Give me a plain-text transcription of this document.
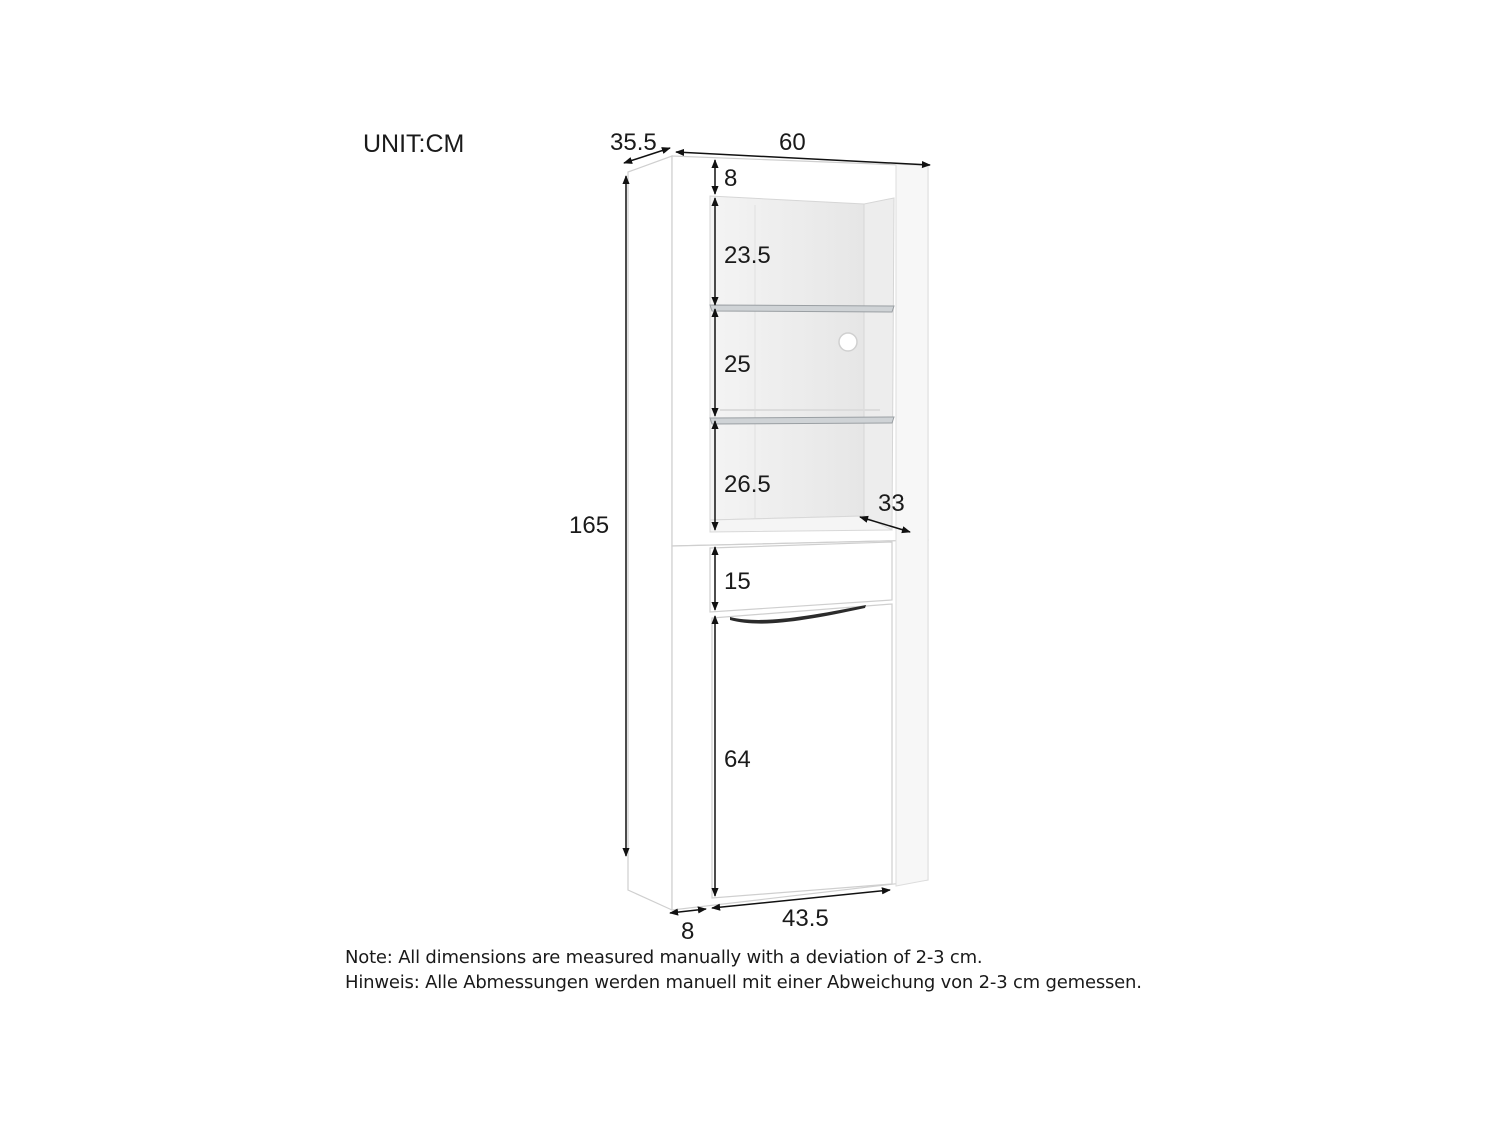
UNIT:CM	35.5	60
165
8
23.5
25
26.5
33
15
64
8	43.5
Note: All dimensions are measured manually with a deviation of 2-3 cm.
Hinweis: Alle Abmessungen werden manuell mit einer Abweichung von 2-3 cm gemessen.
